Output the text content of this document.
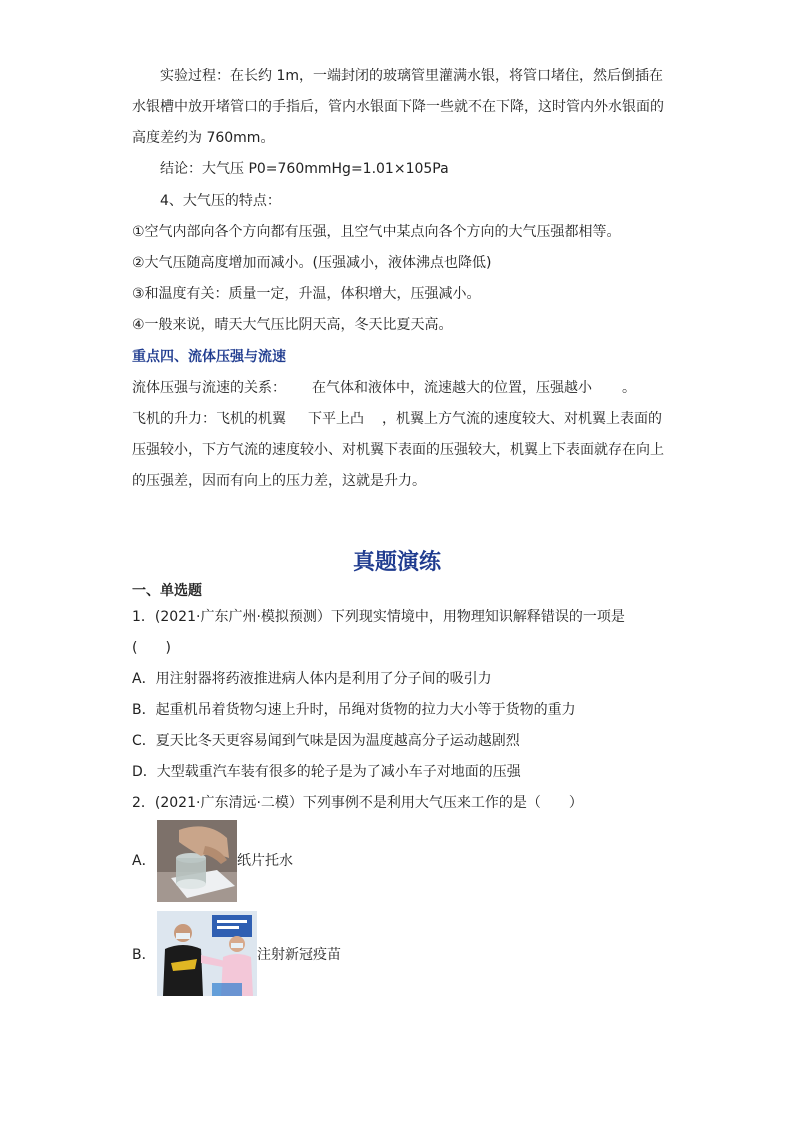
实验过程：在长约 1m，一端封闭的玻璃管里灌满水银，将管口堵住，然后倒插在
水银槽中放开堵管口的手指后，管内水银面下降一些就不在下降，这时管内外水银面的
高度差约为 760mm。
结论：大气压 P0=760mmHg=1.01×105Pa
4、大气压的特点：
①空气内部向各个方向都有压强，且空气中某点向各个方向的大气压强都相等。
②大气压随高度增加而减小。(压强减小，液体沸点也降低)
③和温度有关：质量一定，升温，体积增大，压强减小。
④一般来说，晴天大气压比阴天高，冬天比夏天高。
重点四、流体压强与流速
流体压强与流速的关系： 在气体和液体中，流速越大的位置，压强越小 。
飞机的升力：飞机的机翼 下平上凸 ，机翼上方气流的速度较大、对机翼上表面的
压强较小，下方气流的速度较小、对机翼下表面的压强较大，机翼上下表面就存在向上
的压强差，因而有向上的压力差，这就是升力。
真题演练
一、单选题
1．(2021·广东广州·模拟预测）下列现实情境中，用物理知识解释错误的一项是
(　　)
A．用注射器将药液推进病人体内是利用了分子间的吸引力
B．起重机吊着货物匀速上升时，吊绳对货物的拉力大小等于货物的重力
C．夏天比冬天更容易闻到气味是因为温度越高分子运动越剧烈
D．大型载重汽车装有很多的轮子是为了减小车子对地面的压强
2．(2021·广东清远·二模）下列事例不是利用大气压来工作的是（　　）
A．	纸片托水
B．	注射新冠疫苗
